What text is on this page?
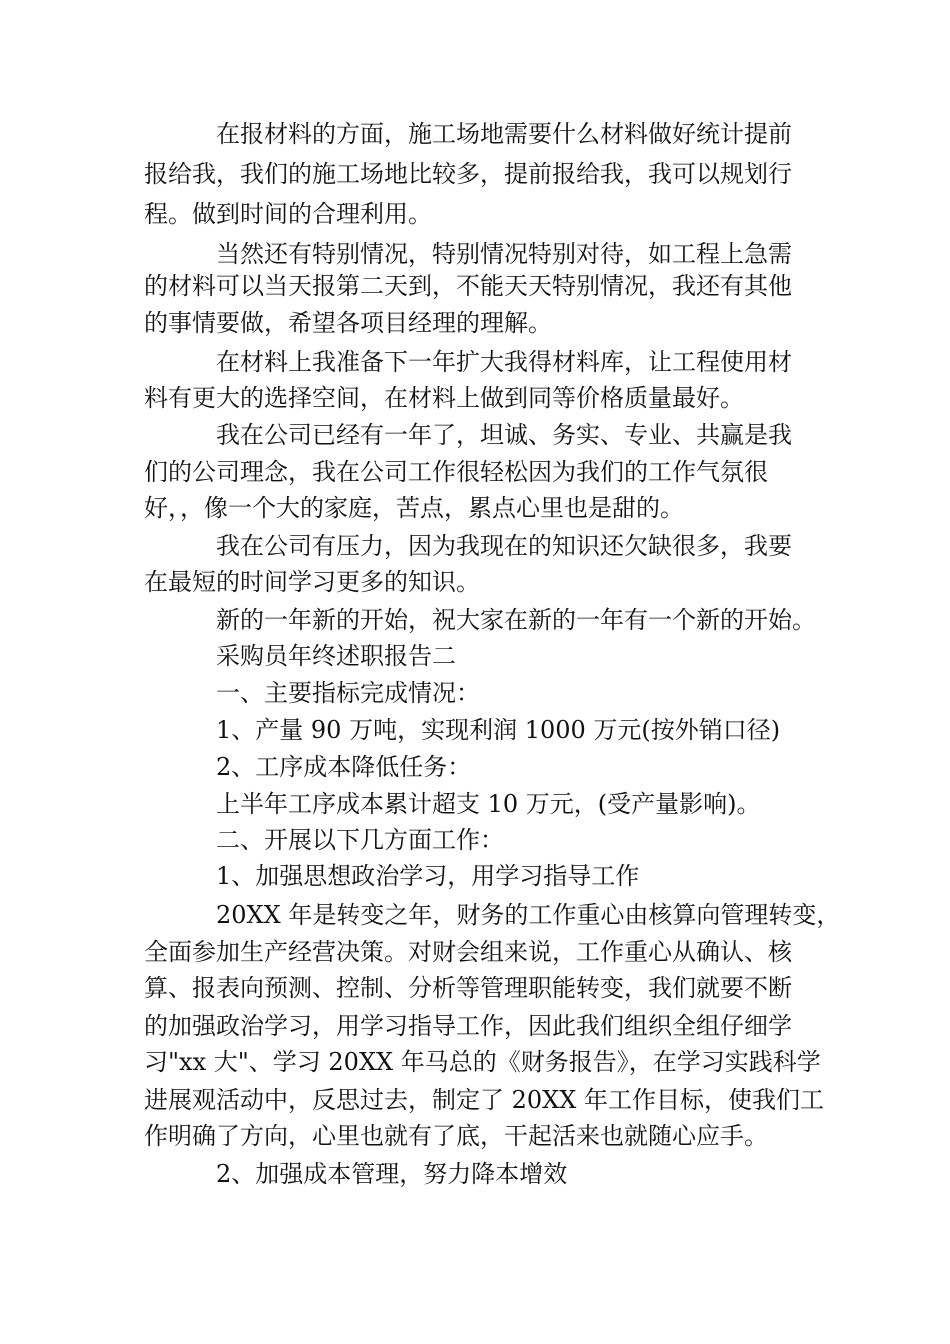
在报材料的方面，施工场地需要什么材料做好统计提前
报给我，我们的施工场地比较多，提前报给我，我可以规划行
程。做到时间的合理利用。
当然还有特别情况，特别情况特别对待，如工程上急需
的材料可以当天报第二天到，不能天天特别情况，我还有其他
的事情要做，希望各项目经理的理解。
在材料上我准备下一年扩大我得材料库，让工程使用材
料有更大的选择空间，在材料上做到同等价格质量最好。
我在公司已经有一年了，坦诚、务实、专业、共赢是我
们的公司理念，我在公司工作很轻松因为我们的工作气氛很
好，，像一个大的家庭，苦点，累点心里也是甜的。
我在公司有压力，因为我现在的知识还欠缺很多，我要
在最短的时间学习更多的知识。
新的一年新的开始，祝大家在新的一年有一个新的开始。
采购员年终述职报告二
一、主要指标完成情况：
1、产量 90 万吨，实现利润 1000 万元(按外销口径)
2、工序成本降低任务：
上半年工序成本累计超支 10 万元，(受产量影响)。
二、开展以下几方面工作：
1、加强思想政治学习，用学习指导工作
20XX 年是转变之年，财务的工作重心由核算向管理转变，
全面参加生产经营决策。对财会组来说，工作重心从确认、核
算、报表向预测、控制、分析等管理职能转变，我们就要不断
的加强政治学习，用学习指导工作，因此我们组织全组仔细学
习"xx 大"、学习 20XX 年马总的《财务报告》，在学习实践科学
进展观活动中，反思过去，制定了 20XX 年工作目标，使我们工
作明确了方向，心里也就有了底，干起活来也就随心应手。
2、加强成本管理，努力降本增效
